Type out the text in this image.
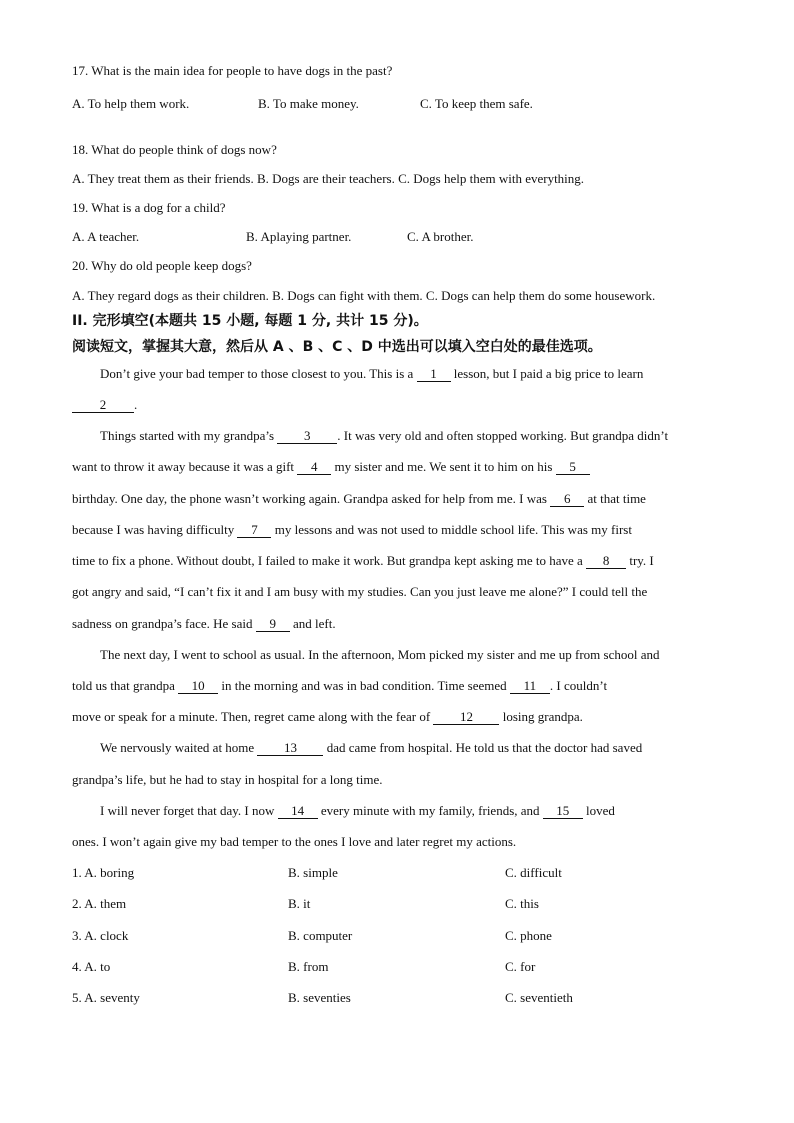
17. What is the main idea for people to have dogs in the past?
A. To help them work.	B. To make money.	C. To keep them safe.
18. What do people think of dogs now?
A. They treat them as their friends. B. Dogs are their teachers. C. Dogs help them with everything.
19. What is a dog for a child?
A. A teacher.	B. Aplaying partner.	C. A brother.
20. Why do old people keep dogs?
A. They regard dogs as their children. B. Dogs can fight with them. C. Dogs can help them do some housework.
II. 完形填空(本题共 15 小题, 每题 1 分, 共计 15 分)。
阅读短文，掌握其大意，然后从 A 、B 、C 、D 中选出可以填入空白处的最佳选项。
Don’t give your bad temper to those closest to you. This is a 1 lesson, but I paid a big price to learn
2 .
Things started with my grandpa’s 3 . It was very old and often stopped working. But grandpa didn’t
want to throw it away because it was a gift 4 my sister and me. We sent it to him on his 5
birthday. One day, the phone wasn’t working again. Grandpa asked for help from me. I was 6 at that time
because I was having difficulty 7 my lessons and was not used to middle school life. This was my first
time to fix a phone. Without doubt, I failed to make it work. But grandpa kept asking me to have a 8 try. I
got angry and said, “I can’t fix it and I am busy with my studies. Can you just leave me alone?” I could tell the
sadness on grandpa’s face. He said 9 and left.
The next day, I went to school as usual. In the afternoon, Mom picked my sister and me up from school and
told us that grandpa 10 in the morning and was in bad condition. Time seemed 11 . I couldn’t
move or speak for a minute. Then, regret came along with the fear of 12 losing grandpa.
We nervously waited at home 13 dad came from hospital. He told us that the doctor had saved
grandpa’s life, but he had to stay in hospital for a long time.
I will never forget that day. I now 14 every minute with my family, friends, and 15 loved
ones. I won’t again give my bad temper to the ones I love and later regret my actions.
1. A. boring	B. simple	C. difficult
2. A. them	B. it	C. this
3. A. clock	B. computer	C. phone
4. A. to	B. from	C. for
5. A. seventy	B. seventies	C. seventieth
